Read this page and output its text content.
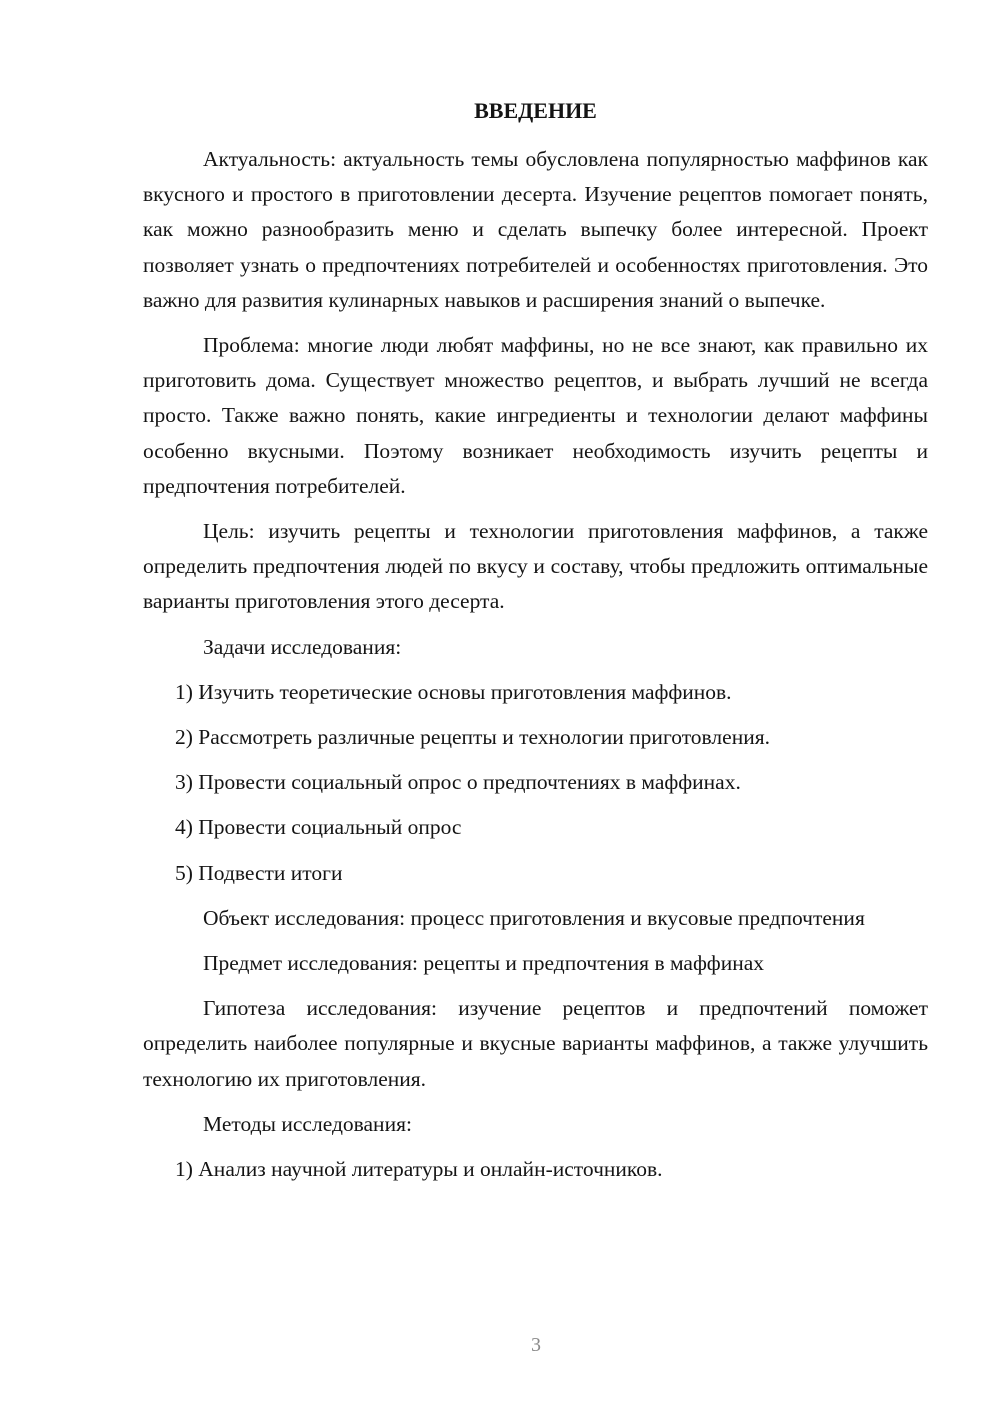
ВВЕДЕНИЕ

Актуальность: актуальность темы обусловлена популярностью маффинов как вкусного и простого в приготовлении десерта. Изучение рецептов помогает понять, как можно разнообразить меню и сделать выпечку более интересной. Проект позволяет узнать о предпочтениях потребителей и особенностях приготовления. Это важно для развития кулинарных навыков и расширения знаний о выпечке.

Проблема: многие люди любят маффины, но не все знают, как правильно их приготовить дома. Существует множество рецептов, и выбрать лучший не всегда просто. Также важно понять, какие ингредиенты и технологии делают маффины особенно вкусными. Поэтому возникает необходимость изучить рецепты и предпочтения потребителей.

Цель: изучить рецепты и технологии приготовления маффинов, а также определить предпочтения людей по вкусу и составу, чтобы предложить оптимальные варианты приготовления этого десерта.

Задачи исследования:

1) Изучить теоретические основы приготовления маффинов.
2) Рассмотреть различные рецепты и технологии приготовления.
3) Провести социальный опрос о предпочтениях в маффинах.
4) Провести социальный опрос
5) Подвести итоги

Объект исследования: процесс приготовления и вкусовые предпочтения

Предмет исследования: рецепты и предпочтения в маффинах

Гипотеза исследования: изучение рецептов и предпочтений поможет определить наиболее популярные и вкусные варианты маффинов, а также улучшить технологию их приготовления.

Методы исследования:

1) Анализ научной литературы и онлайн-источников.
3
